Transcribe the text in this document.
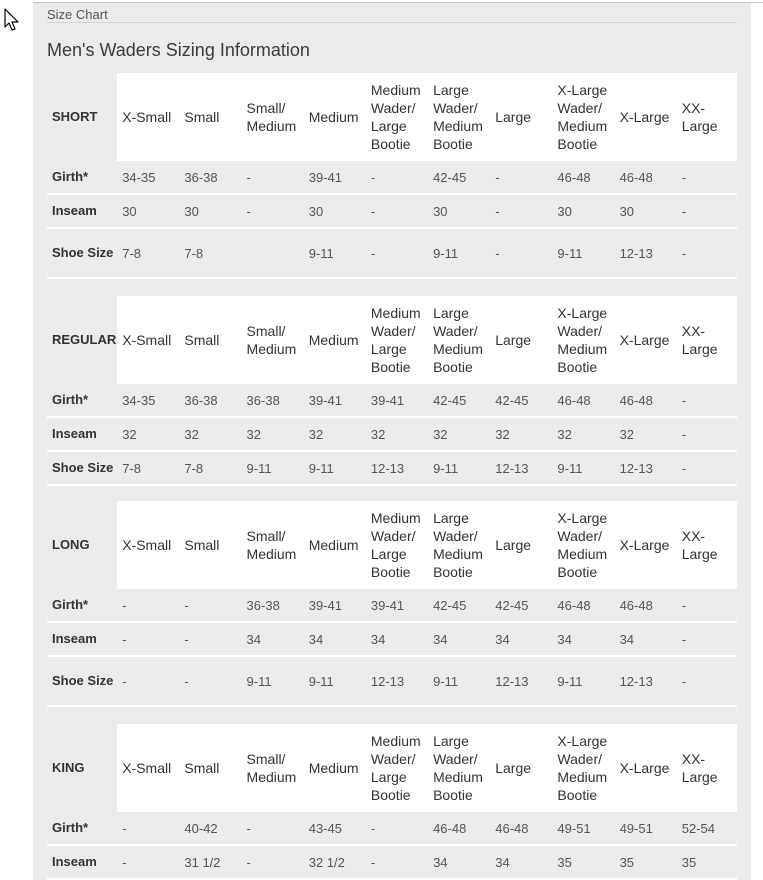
Size Chart
Men's Waders Sizing Information
SHORT	X-Small	Small	Small/ Medium	Medium	Medium Wader/ Large Bootie	Large Wader/ Medium Bootie	Large	X-Large Wader/ Medium Bootie	X-Large	XX- Large
Girth*	34-35	36-38	-	39-41	-	42-45	-	46-48	46-48	-
Inseam	30	30	-	30	-	30	-	30	30	-
Shoe Size	7-8	7-8		9-11	-	9-11	-	9-11	12-13	-
REGULAR	X-Small	Small	Small/ Medium	Medium	Medium Wader/ Large Bootie	Large Wader/ Medium Bootie	Large	X-Large Wader/ Medium Bootie	X-Large	XX- Large
Girth*	34-35	36-38	36-38	39-41	39-41	42-45	42-45	46-48	46-48	-
Inseam	32	32	32	32	32	32	32	32	32	-
Shoe Size	7-8	7-8	9-11	9-11	12-13	9-11	12-13	9-11	12-13	-
LONG	X-Small	Small	Small/ Medium	Medium	Medium Wader/ Large Bootie	Large Wader/ Medium Bootie	Large	X-Large Wader/ Medium Bootie	X-Large	XX- Large
Girth*	-	-	36-38	39-41	39-41	42-45	42-45	46-48	46-48	-
Inseam	-	-	34	34	34	34	34	34	34	-
Shoe Size	-	-	9-11	9-11	12-13	9-11	12-13	9-11	12-13	-
KING	X-Small	Small	Small/ Medium	Medium	Medium Wader/ Large Bootie	Large Wader/ Medium Bootie	Large	X-Large Wader/ Medium Bootie	X-Large	XX- Large
Girth*	-	40-42	-	43-45	-	46-48	46-48	49-51	49-51	52-54
Inseam	-	31 1/2	-	32 1/2	-	34	34	35	35	35
